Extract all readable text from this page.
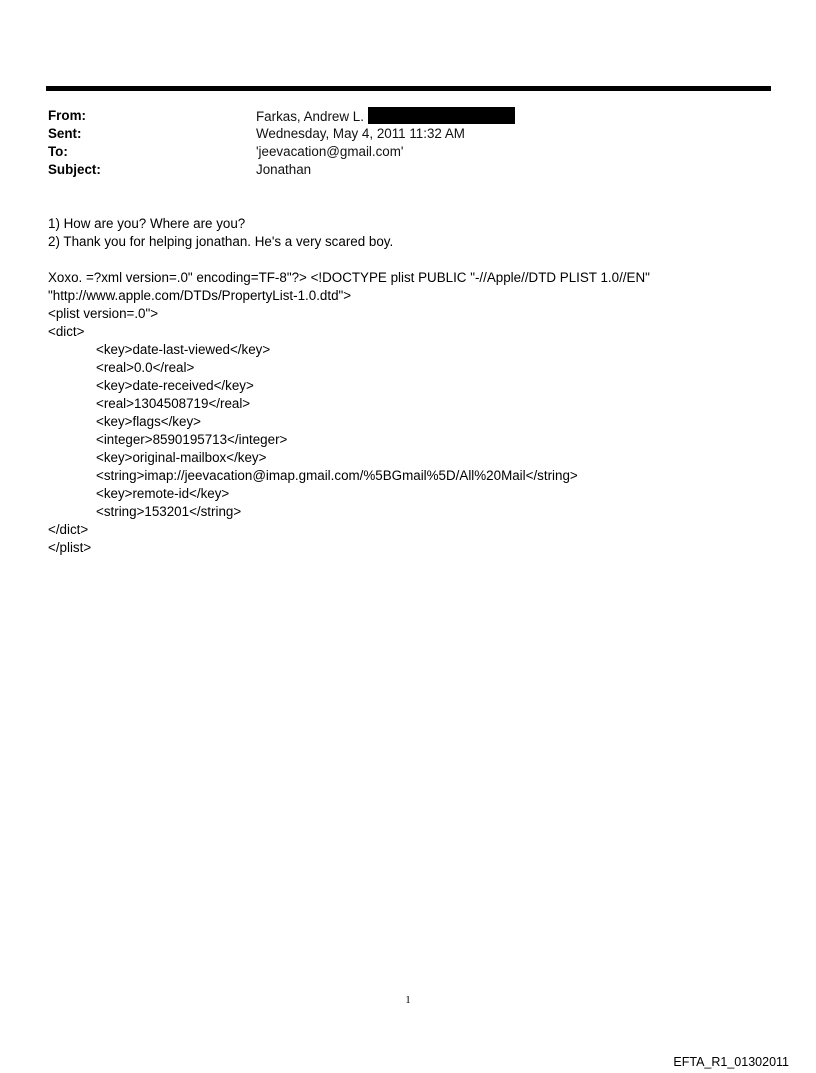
From:	Farkas, Andrew L.
Sent:	Wednesday, May 4, 2011 11:32 AM
To:	'jeevacation@gmail.com'
Subject:	Jonathan
1) How are you? Where are you?
2) Thank you for helping jonathan. He's a very scared boy.
Xoxo. =?xml version=.0" encoding=TF-8"?> <!DOCTYPE plist PUBLIC "-//Apple//DTD PLIST 1.0//EN"
"http://www.apple.com/DTDs/PropertyList-1.0.dtd">
<plist version=.0">
<dict>
<key>date-last-viewed</key>
<real>0.0</real>
<key>date-received</key>
<real>1304508719</real>
<key>flags</key>
<integer>8590195713</integer>
<key>original-mailbox</key>
<string>imap://jeevacation@imap.gmail.com/%5BGmail%5D/All%20Mail</string>
<key>remote-id</key>
<string>153201</string>
</dict>
</plist>
1
EFTA_R1_01302011
